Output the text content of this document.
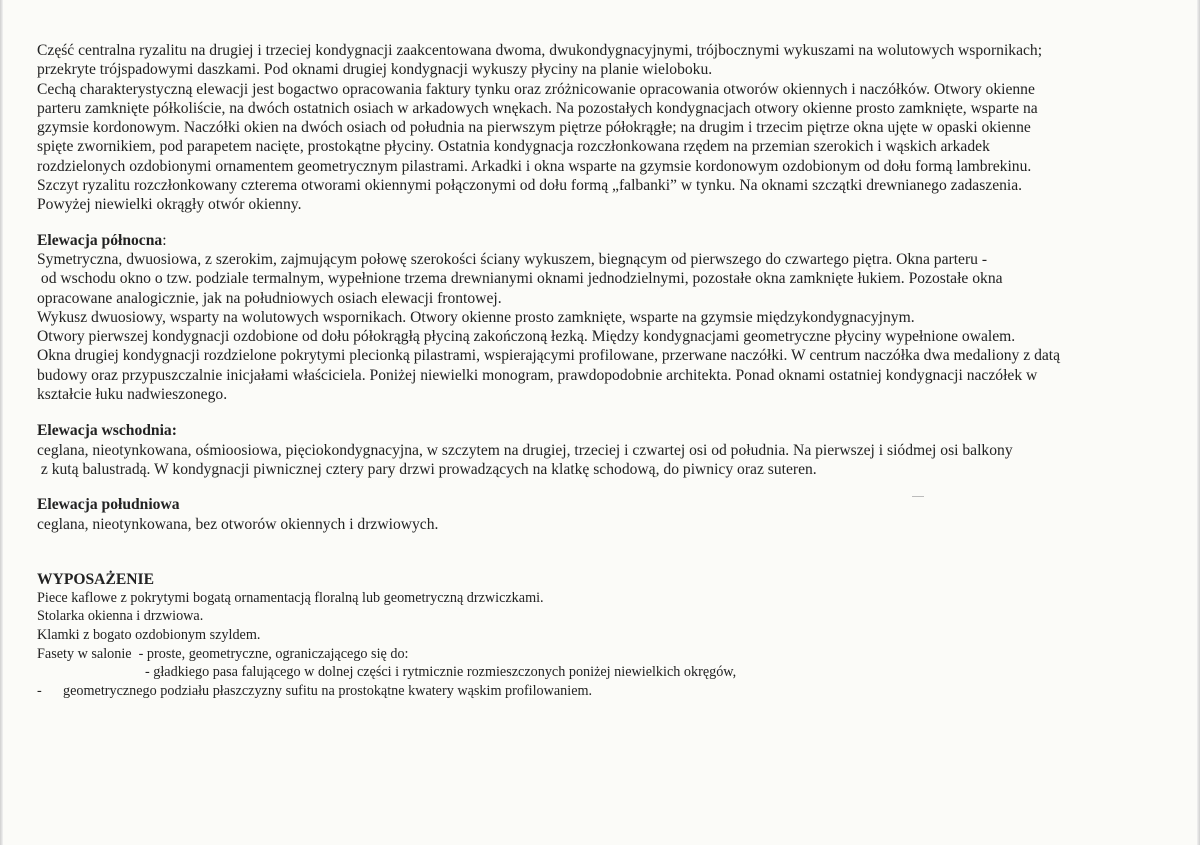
Część centralna ryzalitu na drugiej i trzeciej kondygnacji zaakcentowana dwoma, dwukondygnacyjnymi, trójbocznymi wykuszami na wolutowych wspornikach;
przekryte trójspadowymi daszkami. Pod oknami drugiej kondygnacji wykuszy płyciny na planie wieloboku.
Cechą charakterystyczną elewacji jest bogactwo opracowania faktury tynku oraz zróżnicowanie opracowania otworów okiennych i naczółków. Otwory okienne
parteru zamknięte półkoliście, na dwóch ostatnich osiach w arkadowych wnękach. Na pozostałych kondygnacjach otwory okienne prosto zamknięte, wsparte na
gzymsie kordonowym. Naczółki okien na dwóch osiach od południa na pierwszym piętrze półokrągłe; na drugim i trzecim piętrze okna ujęte w opaski okienne
spięte zwornikiem, pod parapetem nacięte, prostokątne płyciny. Ostatnia kondygnacja rozczłonkowana rzędem na przemian szerokich i wąskich arkadek
rozdzielonych ozdobionymi ornamentem geometrycznym pilastrami. Arkadki i okna wsparte na gzymsie kordonowym ozdobionym od dołu formą lambrekinu.
Szczyt ryzalitu rozczłonkowany czterema otworami okiennymi połączonymi od dołu formą „falbanki” w tynku. Na oknami szczątki drewnianego zadaszenia.
Powyżej niewielki okrągły otwór okienny.
Elewacja północna:
Symetryczna, dwuosiowa, z szerokim, zajmującym połowę szerokości ściany wykuszem, biegnącym od pierwszego do czwartego piętra. Okna parteru -
od wschodu okno o tzw. podziale termalnym, wypełnione trzema drewnianymi oknami jednodzielnymi, pozostałe okna zamknięte łukiem. Pozostałe okna
opracowane analogicznie, jak na południowych osiach elewacji frontowej.
Wykusz dwuosiowy, wsparty na wolutowych wspornikach. Otwory okienne prosto zamknięte, wsparte na gzymsie międzykondygnacyjnym.
Otwory pierwszej kondygnacji ozdobione od dołu półokrągłą płyciną zakończoną łezką. Między kondygnacjami geometryczne płyciny wypełnione owalem.
Okna drugiej kondygnacji rozdzielone pokrytymi plecionką pilastrami, wspierającymi profilowane, przerwane naczółki. W centrum naczółka dwa medaliony z datą
budowy oraz przypuszczalnie inicjałami właściciela. Poniżej niewielki monogram, prawdopodobnie architekta. Ponad oknami ostatniej kondygnacji naczółek w
kształcie łuku nadwieszonego.
Elewacja wschodnia:
ceglana, nieotynkowana, ośmioosiowa, pięciokondygnacyjna, w szczytem na drugiej, trzeciej i czwartej osi od południa. Na pierwszej i siódmej osi balkony
z kutą balustradą. W kondygnacji piwnicznej cztery pary drzwi prowadzących na klatkę schodową, do piwnicy oraz suteren.
Elewacja południowa
ceglana, nieotynkowana, bez otworów okiennych i drzwiowych.
WYPOSAŻENIE
Piece kaflowe z pokrytymi bogatą ornamentacją floralną lub geometryczną drzwiczkami.
Stolarka okienna i drzwiowa.
Klamki z bogato ozdobionym szyldem.
Fasety w salonie  - proste, geometryczne, ograniczającego się do:
- gładkiego pasa falującego w dolnej części i rytmicznie rozmieszczonych poniżej niewielkich okręgów,
- geometrycznego podziału płaszczyzny sufitu na prostokątne kwatery wąskim profilowaniem.
